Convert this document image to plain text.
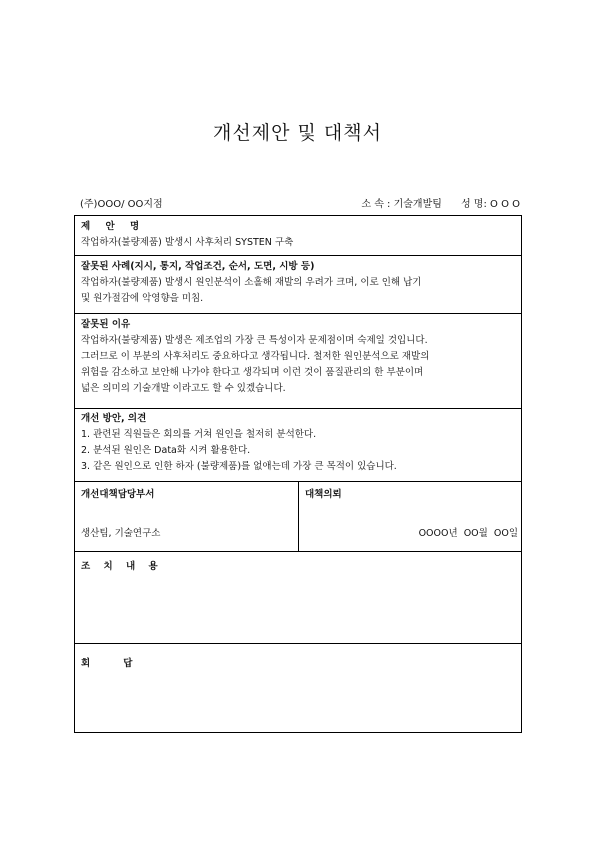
개선제안 및 대책서
(주)OOO/ OO지점	소 속 : 기술개발팀 성 명: O O O
제 안 명
작업하자(불량제품) 발생시 사후처리 SYSTEN 구축
잘못된 사례(지시, 통지, 작업조건, 순서, 도면, 시방 등)
작업하자(불량제품) 발생시 원인분석이 소홀해 재발의 우려가 크며, 이로 인해 납기
및 원가절감에 악영향을 미침.
잘못된 이유
작업하자(불량제품) 발생은 제조업의 가장 큰 특성이자 문제점이며 숙제일 것입니다.
그러므로 이 부분의 사후처리도 중요하다고 생각됩니다. 철저한 원인분석으로 재발의
위험을 감소하고 보안해 나가야 한다고 생각되며 이런 것이 품질관리의 한 부분이며
넓은 의미의 기술개발 이라고도 할 수 있겠습니다.
개선 방안, 의견
1. 관련된 직원들은 회의를 거쳐 원인을 철저히 분석한다.
2. 분석된 원인은 Data화 시켜 활용한다.
3. 같은 원인으로 인한 하자 (불량제품)를 없애는데 가장 큰 목적이 있습니다.
개선대책담당부서
생산팀, 기술연구소
대책의뢰
OOOO년  OO월  OO일
조 치 내 용
회          답
